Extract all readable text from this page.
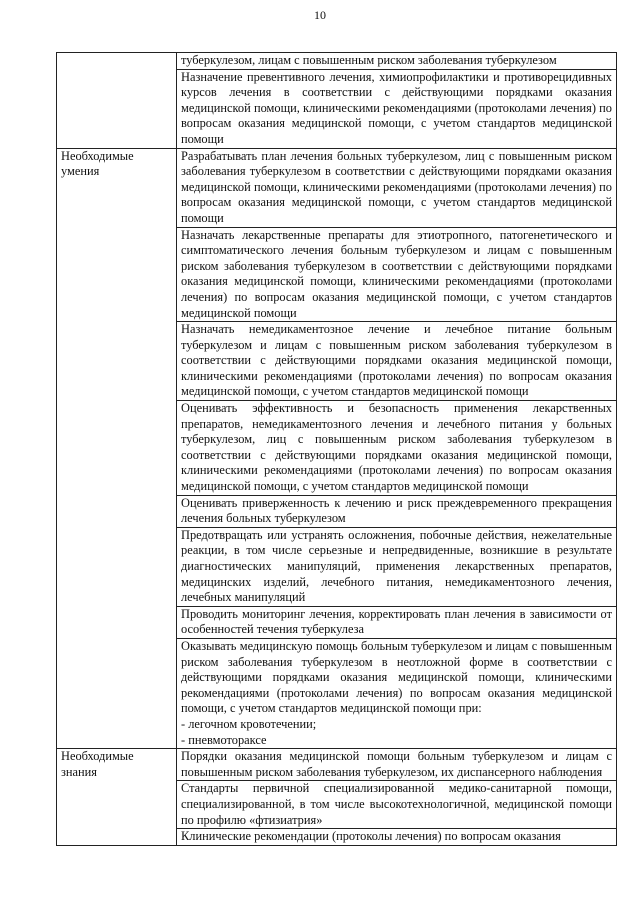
10
	туберкулезом, лицам с повышенным риском заболевания туберкулезом
	Назначение превентивного лечения, химиопрофилактики и противорецидивных курсов лечения в соответствии с действующими порядками оказания медицинской помощи, клиническими рекомендациями (протоколами лечения) по вопросам оказания медицинской помощи, с учетом стандартов медицинской помощи
Необходимые умения	Разрабатывать план лечения больных туберкулезом, лиц с повышенным риском заболевания туберкулезом в соответствии с действующими порядками оказания медицинской помощи, клиническими рекомендациями (протоколами лечения) по вопросам оказания медицинской помощи, с учетом стандартов медицинской помощи
	Назначать лекарственные препараты для этиотропного, патогенетического и симптоматического лечения больным туберкулезом и лицам с повышенным риском заболевания туберкулезом в соответствии с действующими порядками оказания медицинской помощи, клиническими рекомендациями (протоколами лечения) по вопросам оказания медицинской помощи, с учетом стандартов медицинской помощи
	Назначать немедикаментозное лечение и лечебное питание больным туберкулезом и лицам с повышенным риском заболевания туберкулезом в соответствии с действующими порядками оказания медицинской помощи, клиническими рекомендациями (протоколами лечения) по вопросам оказания медицинской помощи, с учетом стандартов медицинской помощи
	Оценивать эффективность и безопасность применения лекарственных препаратов, немедикаментозного лечения и лечебного питания у больных туберкулезом, лиц с повышенным риском заболевания туберкулезом в соответствии с действующими порядками оказания медицинской помощи, клиническими рекомендациями (протоколами лечения) по вопросам оказания медицинской помощи, с учетом стандартов медицинской помощи
	Оценивать приверженность к лечению и риск преждевременного прекращения лечения больных туберкулезом
	Предотвращать или устранять осложнения, побочные действия, нежелательные реакции, в том числе серьезные и непредвиденные, возникшие в результате диагностических манипуляций, применения лекарственных препаратов, медицинских изделий, лечебного питания, немедикаментозного лечения, лечебных манипуляций
	Проводить мониторинг лечения, корректировать план лечения в зависимости от особенностей течения туберкулеза

	Оказывать медицинскую помощь больным туберкулезом и лицам с повышенным риском заболевания туберкулезом в неотложной форме в соответствии с действующими порядками оказания медицинской помощи, клиническими рекомендациями (протоколами лечения) по вопросам оказания медицинской помощи, с учетом стандартов медицинской помощи при:
- легочном кровотечении;
- пневмотораксе

Необходимые знания	Порядки оказания медицинской помощи больным туберкулезом и лицам с повышенным риском заболевания туберкулезом, их диспансерного наблюдения
	Стандарты первичной специализированной медико-санитарной помощи, специализированной, в том числе высокотехнологичной, медицинской помощи по профилю «фтизиатрия»
	Клинические рекомендации (протоколы лечения) по вопросам оказания
